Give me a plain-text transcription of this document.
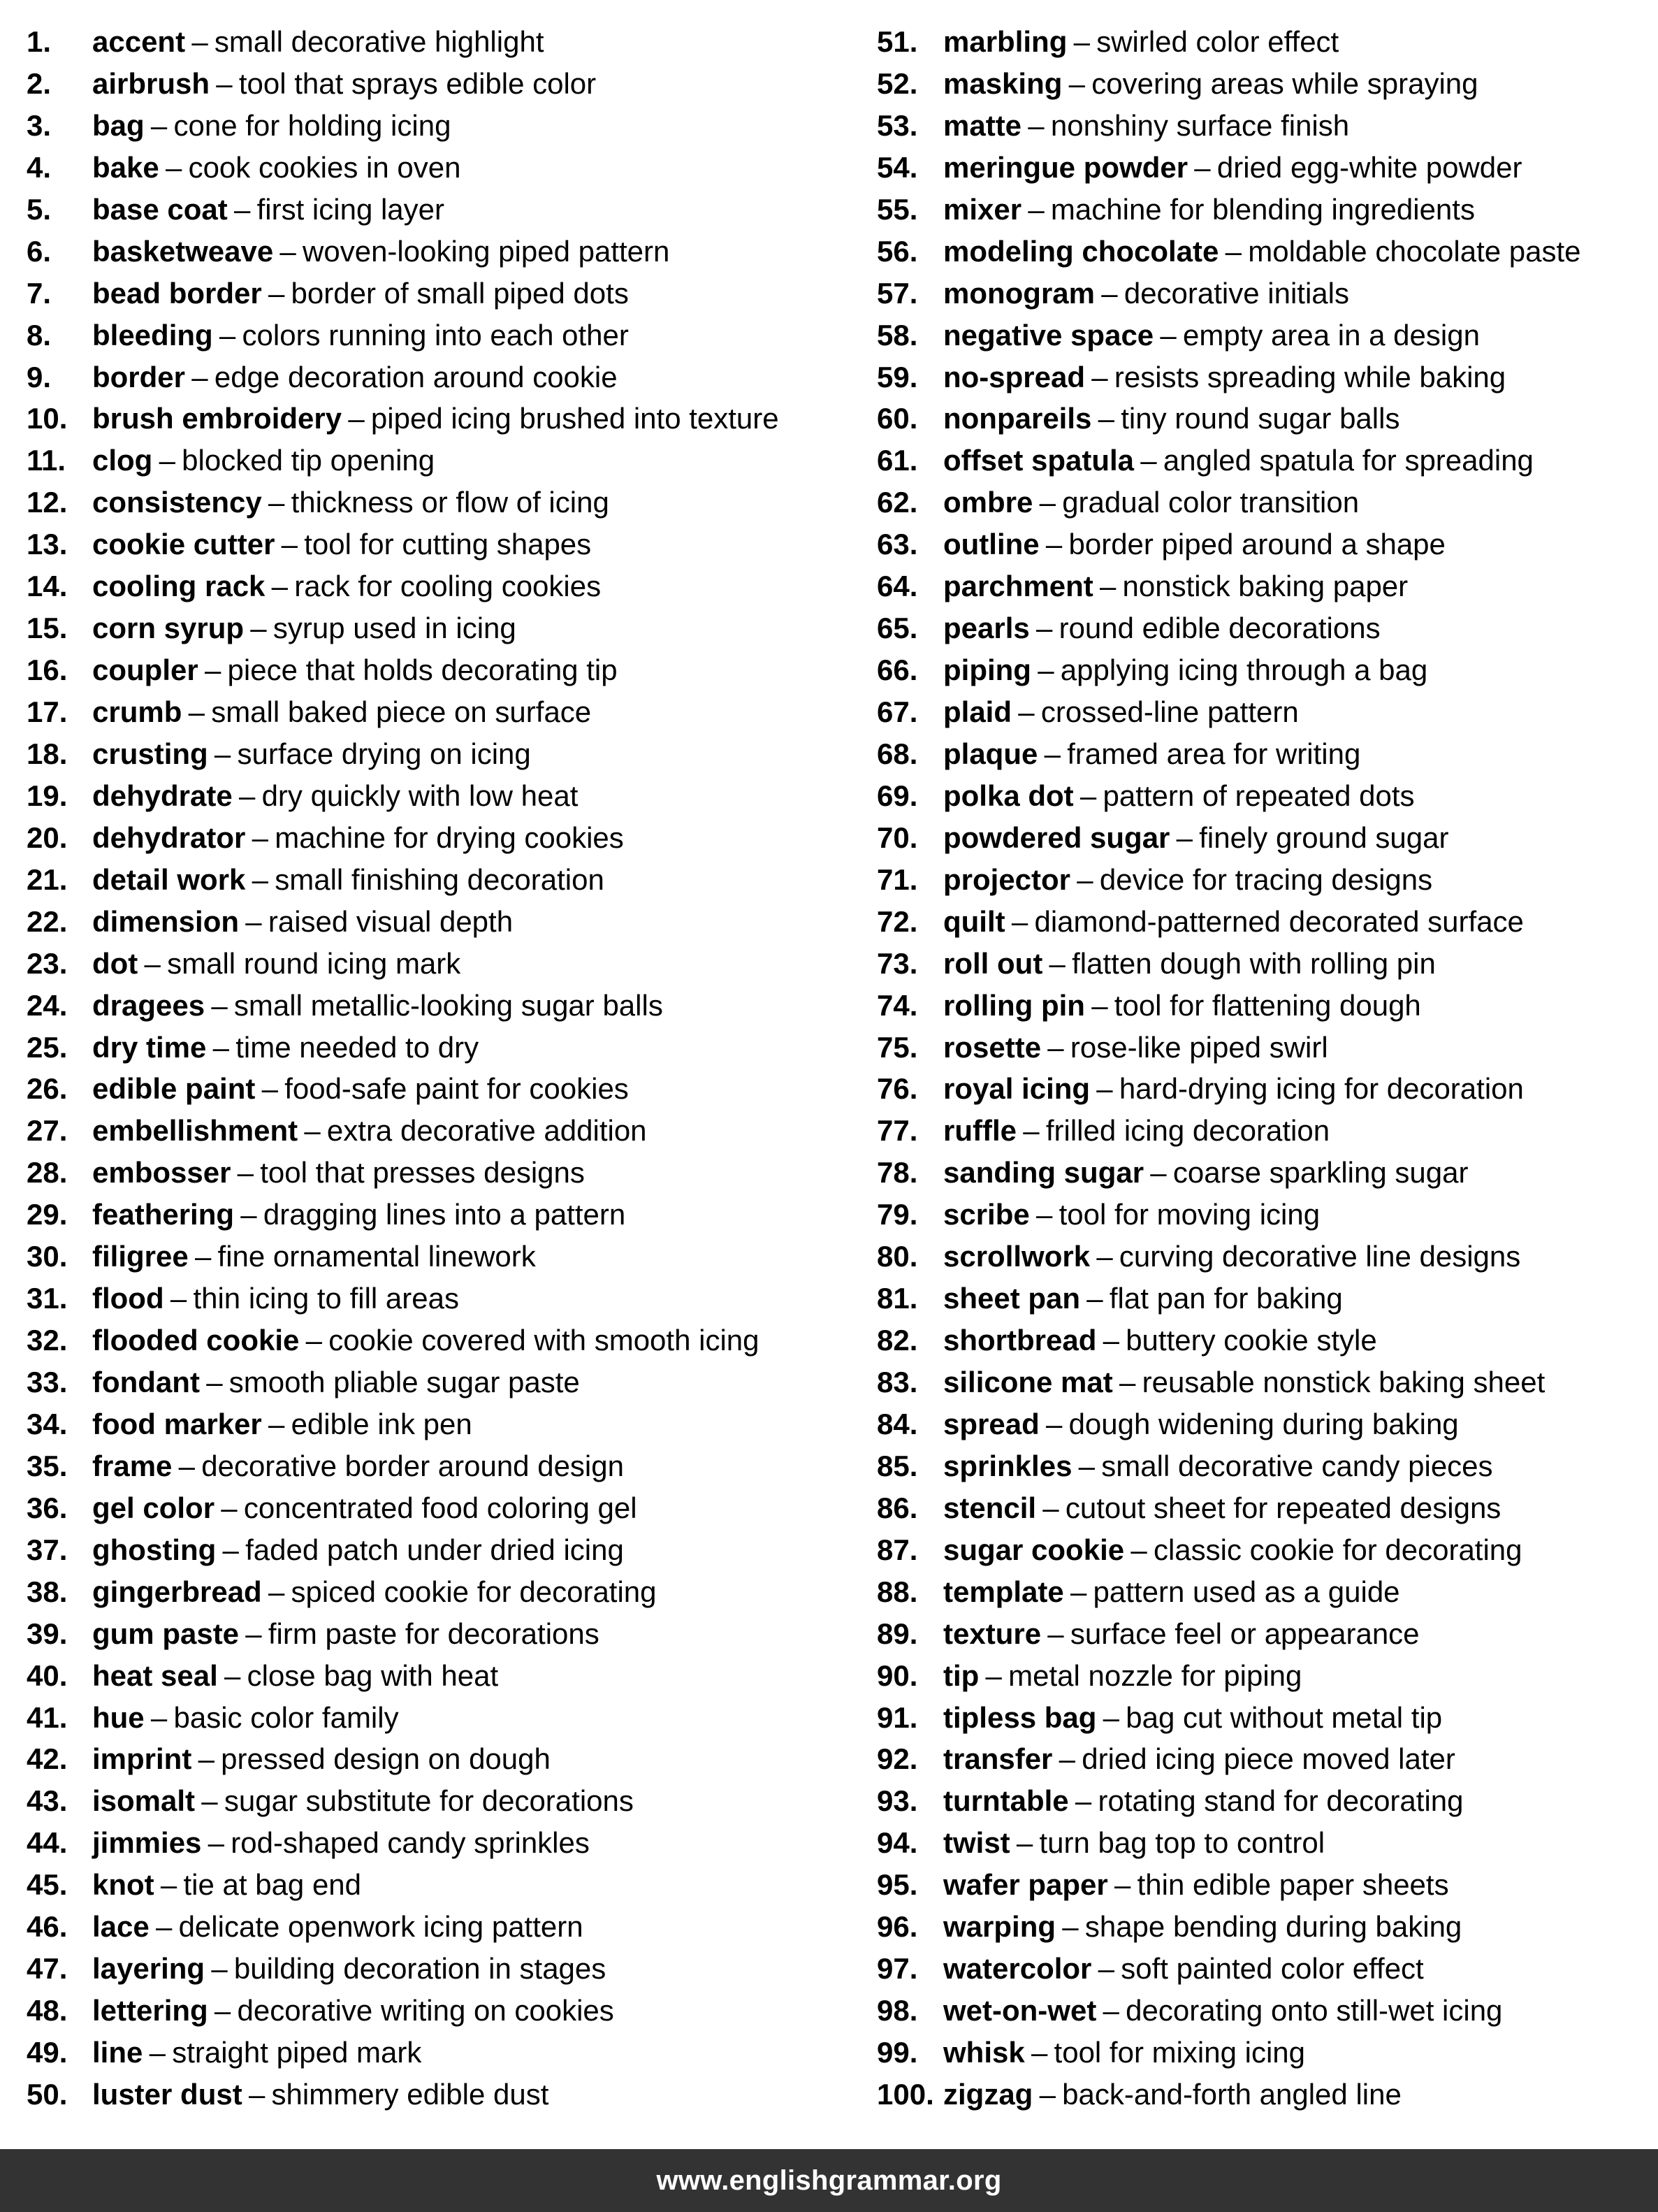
1.	accent – small decorative highlight
2.	airbrush – tool that sprays edible color
3.	bag – cone for holding icing
4.	bake – cook cookies in oven
5.	base coat – first icing layer
6.	basketweave – woven-looking piped pattern
7.	bead border – border of small piped dots
8.	bleeding – colors running into each other
9.	border – edge decoration around cookie
10. brush embroidery – piped icing brushed into texture
11. clog – blocked tip opening
12. consistency – thickness or flow of icing
13. cookie cutter – tool for cutting shapes
14. cooling rack – rack for cooling cookies
15. corn syrup – syrup used in icing
16. coupler – piece that holds decorating tip
17. crumb – small baked piece on surface
18. crusting – surface drying on icing
19. dehydrate – dry quickly with low heat
20. dehydrator – machine for drying cookies
21. detail work – small finishing decoration
22. dimension – raised visual depth
23. dot – small round icing mark
24. dragees – small metallic-looking sugar balls
25. dry time – time needed to dry
26. edible paint – food-safe paint for cookies
27. embellishment – extra decorative addition
28. embosser – tool that presses designs
29. feathering – dragging lines into a pattern
30. filigree – fine ornamental linework
31. flood – thin icing to fill areas
32. flooded cookie – cookie covered with smooth icing
33. fondant – smooth pliable sugar paste
34. food marker – edible ink pen
35. frame – decorative border around design
36. gel color – concentrated food coloring gel
37. ghosting – faded patch under dried icing
38. gingerbread – spiced cookie for decorating
39. gum paste – firm paste for decorations
40. heat seal – close bag with heat
41. hue – basic color family
42. imprint – pressed design on dough
43. isomalt – sugar substitute for decorations
44. jimmies – rod-shaped candy sprinkles
45. knot – tie at bag end
46. lace – delicate openwork icing pattern
47. layering – building decoration in stages
48. lettering – decorative writing on cookies
49. line – straight piped mark
50. luster dust – shimmery edible dust
51. marbling – swirled color effect
52. masking – covering areas while spraying
53. matte – nonshiny surface finish
54. meringue powder – dried egg-white powder
55. mixer – machine for blending ingredients
56. modeling chocolate – moldable chocolate paste
57. monogram – decorative initials
58. negative space – empty area in a design
59. no-spread – resists spreading while baking
60. nonpareils – tiny round sugar balls
61. offset spatula – angled spatula for spreading
62. ombre – gradual color transition
63. outline – border piped around a shape
64. parchment – nonstick baking paper
65. pearls – round edible decorations
66. piping – applying icing through a bag
67. plaid – crossed-line pattern
68. plaque – framed area for writing
69. polka dot – pattern of repeated dots
70. powdered sugar – finely ground sugar
71. projector – device for tracing designs
72. quilt – diamond-patterned decorated surface
73. roll out – flatten dough with rolling pin
74. rolling pin – tool for flattening dough
75. rosette – rose-like piped swirl
76. royal icing – hard-drying icing for decoration
77. ruffle – frilled icing decoration
78. sanding sugar – coarse sparkling sugar
79. scribe – tool for moving icing
80. scrollwork – curving decorative line designs
81. sheet pan – flat pan for baking
82. shortbread – buttery cookie style
83. silicone mat – reusable nonstick baking sheet
84. spread – dough widening during baking
85. sprinkles – small decorative candy pieces
86. stencil – cutout sheet for repeated designs
87. sugar cookie – classic cookie for decorating
88. template – pattern used as a guide
89. texture – surface feel or appearance
90. tip – metal nozzle for piping
91. tipless bag – bag cut without metal tip
92. transfer – dried icing piece moved later
93. turntable – rotating stand for decorating
94. twist – turn bag top to control
95. wafer paper – thin edible paper sheets
96. warping – shape bending during baking
97. watercolor – soft painted color effect
98. wet-on-wet – decorating onto still-wet icing
99. whisk – tool for mixing icing
100. zigzag – back-and-forth angled line
www.englishgrammar.org
